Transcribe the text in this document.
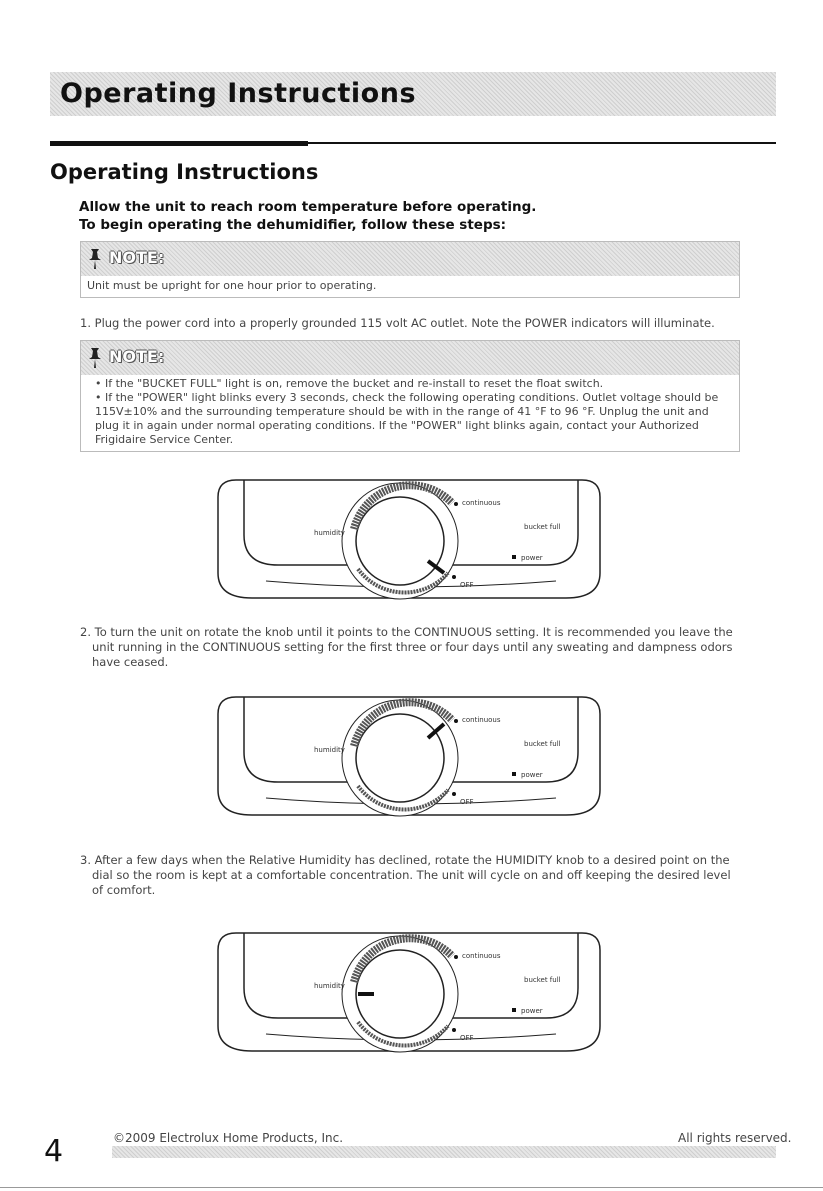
Operating Instructions
Operating Instructions
Allow the unit to reach room temperature before operating.
To begin operating the dehumidifier, follow these steps:
NOTE:
Unit must be upright for one hour prior to operating.
1. Plug the power cord into a properly grounded 115 volt AC outlet. Note the POWER indicators will illuminate.
NOTE:
• If the "BUCKET FULL" light is on, remove the bucket and re-install to reset the float switch.
• If the "POWER" light blinks every 3 seconds, check the following operating conditions. Outlet voltage should be 115V±10% and the surrounding temperature should be with in the range of 41 °F to 96 °F. Unplug the unit and plug it in again under normal operating conditions. If the "POWER" light blinks again, contact your Authorized Frigidaire Service Center.
continuous
humidity
bucket full
power
OFF
2. To turn the unit on rotate the knob until it points to the CONTINUOUS setting. It is recommended you leave the unit running in the CONTINUOUS setting for the first three or four days until any sweating and dampness odors have ceased.
continuous
humidity
bucket full
power
OFF
3. After a few days when the Relative Humidity has declined, rotate the HUMIDITY knob to a desired point on the dial so the room is kept at a comfortable concentration. The unit will cycle on and off keeping the desired level of comfort.
continuous
humidity
bucket full
power
OFF
4	©2009 Electrolux Home Products, Inc.	All rights reserved.
